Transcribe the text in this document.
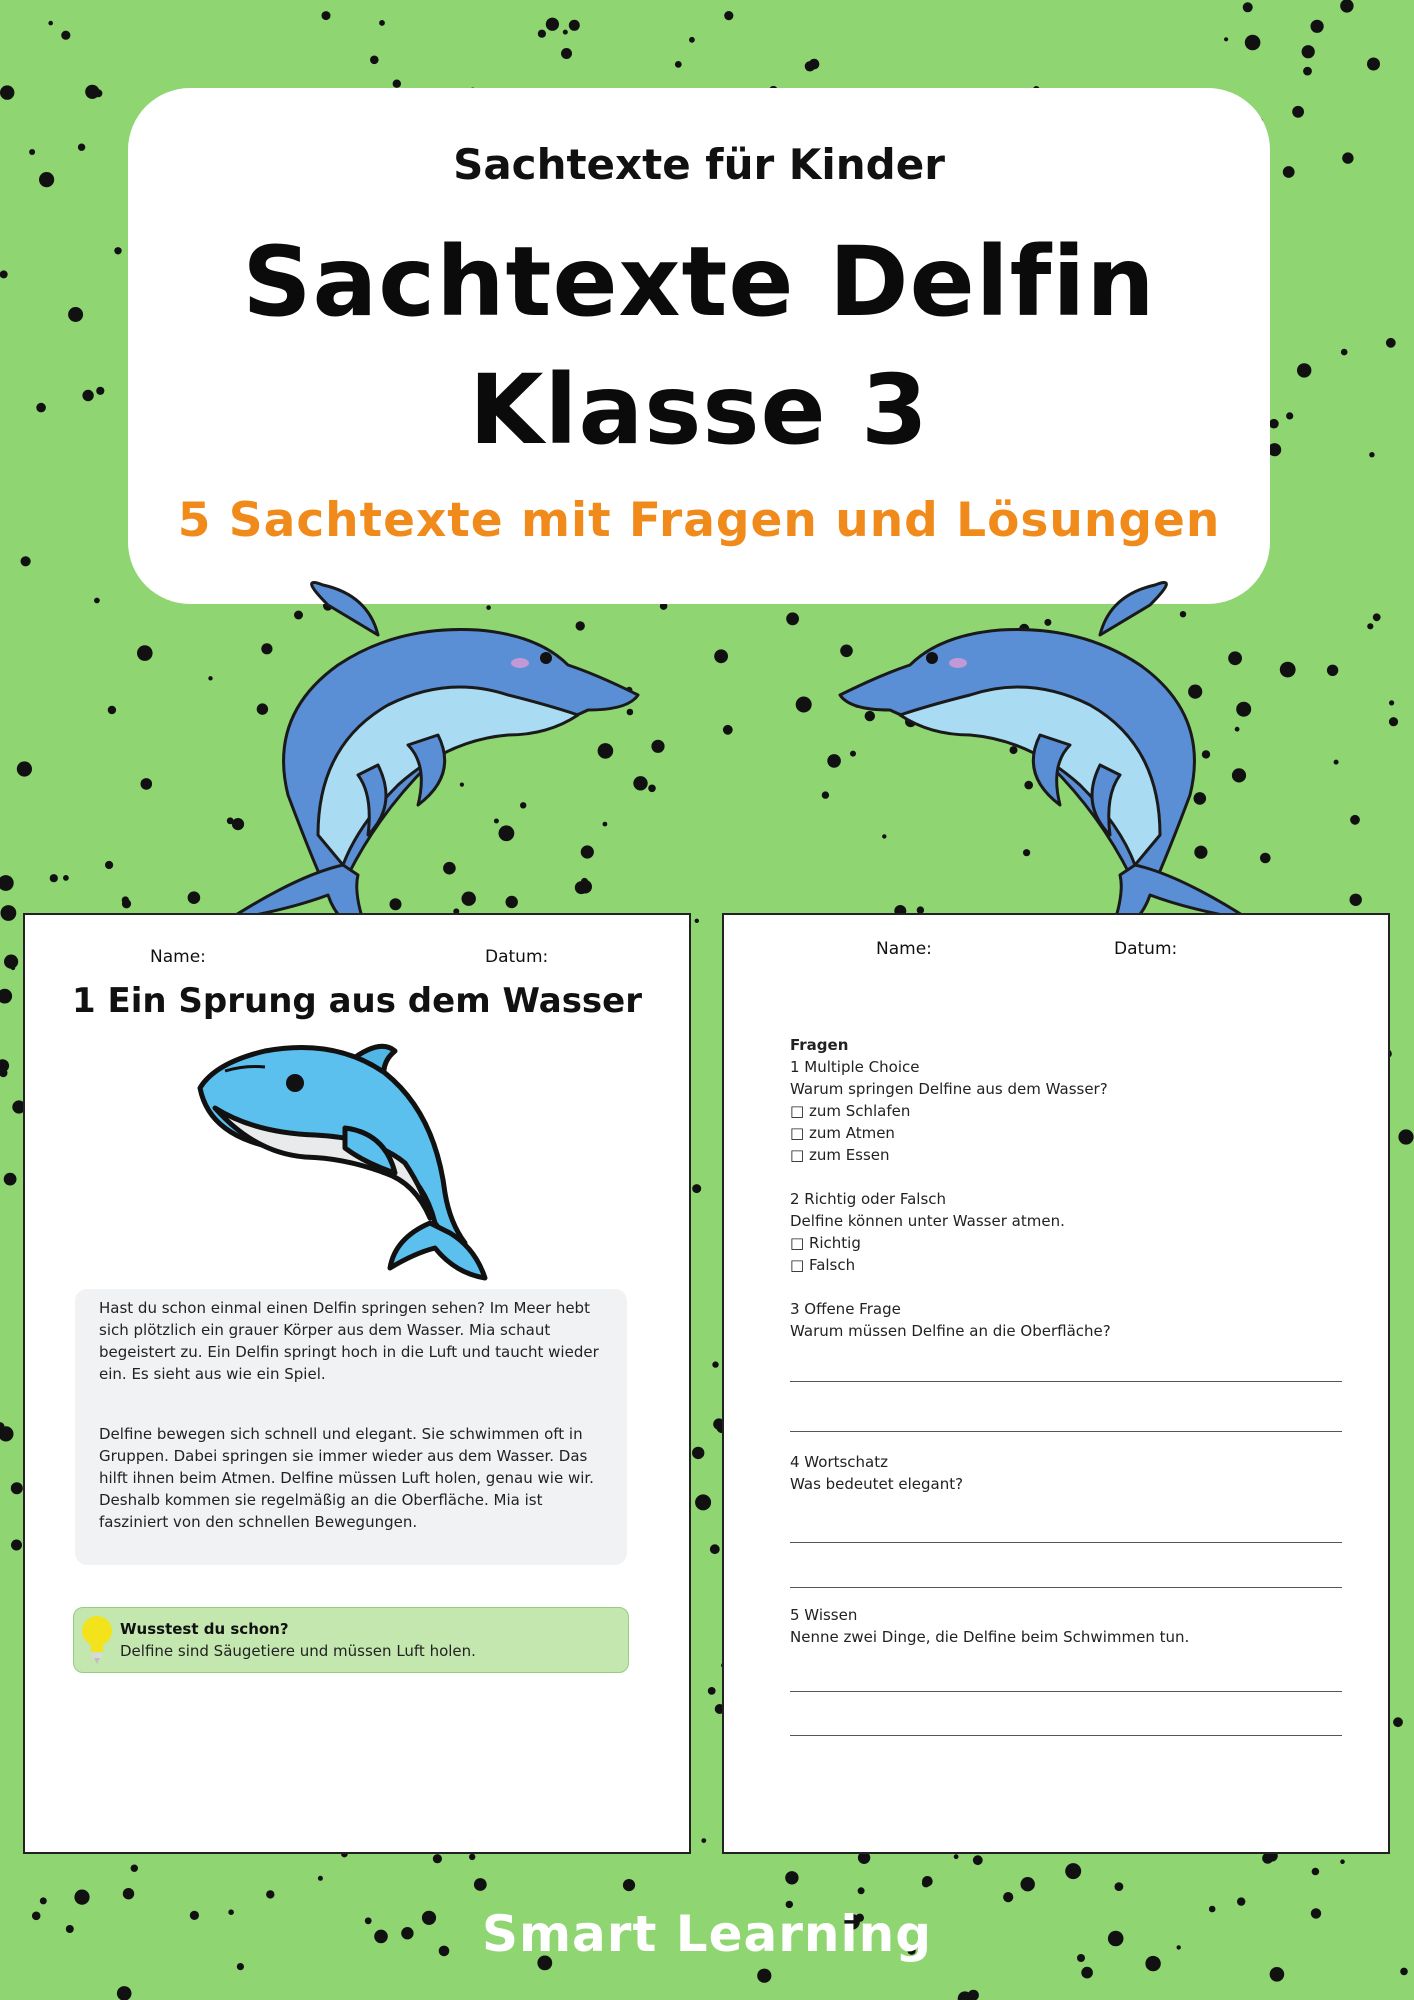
Sachtexte für Kinder
Sachtexte Delfin
Klasse 3
5 Sachtexte mit Fragen und Lösungen
Name:	Datum:
1 Ein Sprung aus dem Wasser

Hast du schon einmal einen Delfin springen sehen? Im Meer hebt
sich plötzlich ein grauer Körper aus dem Wasser. Mia schaut
begeistert zu. Ein Delfin springt hoch in die Luft und taucht wieder
ein. Es sieht aus wie ein Spiel.

Delfine bewegen sich schnell und elegant. Sie schwimmen oft in
Gruppen. Dabei springen sie immer wieder aus dem Wasser. Das
hilft ihnen beim Atmen. Delfine müssen Luft holen, genau wie wir.
Deshalb kommen sie regelmäßig an die Oberfläche. Mia ist
fasziniert von den schnellen Bewegungen.

Wusstest du schon?
Delfine sind Säugetiere und müssen Luft holen.
Name:	Datum:
Fragen
1 Multiple Choice
Warum springen Delfine aus dem Wasser?
□ zum Schlafen
□ zum Atmen
□ zum Essen
2 Richtig oder Falsch
Delfine können unter Wasser atmen.
□ Richtig
□ Falsch
3 Offene Frage
Warum müssen Delfine an die Oberfläche?
4 Wortschatz
Was bedeutet elegant?
5 Wissen
Nenne zwei Dinge, die Delfine beim Schwimmen tun.
Smart Learning
